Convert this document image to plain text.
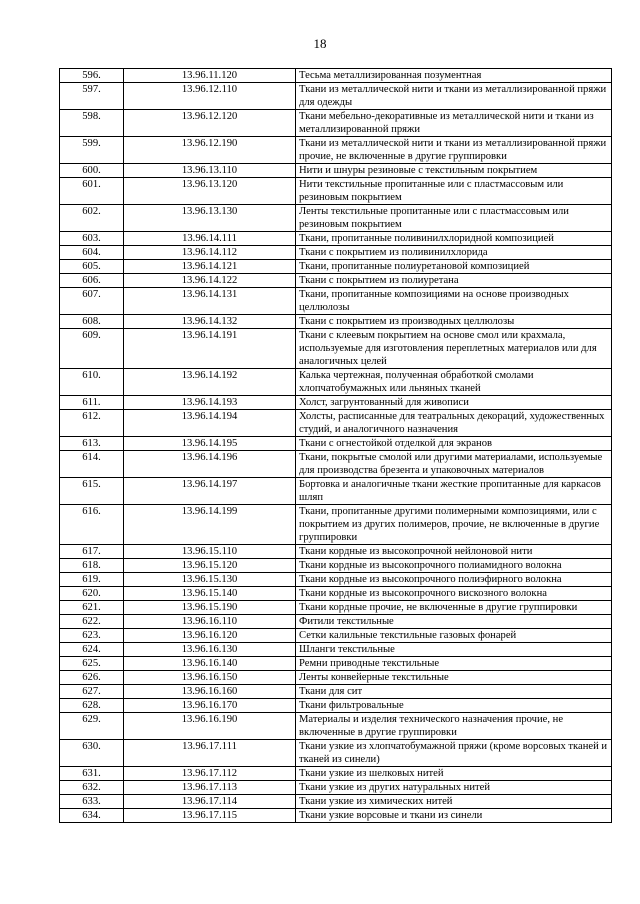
18
596.	13.96.11.120	Тесьма металлизированная позументная
597.	13.96.12.110	Ткани из металлической нити и ткани из металлизированной пряжи для одежды
598.	13.96.12.120	Ткани мебельно-декоративные из металлической нити и ткани из металлизированной пряжи
599.	13.96.12.190	Ткани из металлической нити и ткани из металлизированной пряжи прочие, не включенные в другие группировки
600.	13.96.13.110	Нити и шнуры резиновые с текстильным покрытием
601.	13.96.13.120	Нити текстильные пропитанные или с пластмассовым или резиновым покрытием
602.	13.96.13.130	Ленты текстильные пропитанные или с пластмассовым или резиновым покрытием
603.	13.96.14.111	Ткани, пропитанные поливинилхлоридной композицией
604.	13.96.14.112	Ткани с покрытием из поливинилхлорида
605.	13.96.14.121	Ткани, пропитанные полиуретановой композицией
606.	13.96.14.122	Ткани с покрытием из полиуретана
607.	13.96.14.131	Ткани, пропитанные композициями на основе производных целлюлозы
608.	13.96.14.132	Ткани с покрытием из производных целлюлозы
609.	13.96.14.191	Ткани с клеевым покрытием на основе смол или крахмала, используемые для изготовления переплетных материалов или для аналогичных целей
610.	13.96.14.192	Калька чертежная, полученная обработкой смолами хлопчатобумажных или льняных тканей
611.	13.96.14.193	Холст, загрунтованный для живописи
612.	13.96.14.194	Холсты, расписанные для театральных декораций, художественных студий, и аналогичного назначения
613.	13.96.14.195	Ткани с огнестойкой отделкой для экранов
614.	13.96.14.196	Ткани, покрытые смолой или другими материалами, используемые для производства брезента и упаковочных материалов
615.	13.96.14.197	Бортовка и аналогичные ткани жесткие пропитанные для каркасов шляп
616.	13.96.14.199	Ткани, пропитанные другими полимерными композициями, или с покрытием из других полимеров, прочие, не включенные в другие группировки
617.	13.96.15.110	Ткани кордные из высокопрочной нейлоновой нити
618.	13.96.15.120	Ткани кордные из высокопрочного полиамидного волокна
619.	13.96.15.130	Ткани кордные из высокопрочного полиэфирного волокна
620.	13.96.15.140	Ткани кордные из высокопрочного вискозного волокна
621.	13.96.15.190	Ткани кордные прочие, не включенные в другие группировки
622.	13.96.16.110	Фитили текстильные
623.	13.96.16.120	Сетки калильные текстильные газовых фонарей
624.	13.96.16.130	Шланги текстильные
625.	13.96.16.140	Ремни приводные текстильные
626.	13.96.16.150	Ленты конвейерные текстильные
627.	13.96.16.160	Ткани для сит
628.	13.96.16.170	Ткани фильтровальные
629.	13.96.16.190	Материалы и изделия технического назначения прочие, не включенные в другие группировки
630.	13.96.17.111	Ткани узкие из хлопчатобумажной пряжи (кроме ворсовых тканей и тканей из синели)
631.	13.96.17.112	Ткани узкие из шелковых нитей
632.	13.96.17.113	Ткани узкие из других натуральных нитей
633.	13.96.17.114	Ткани узкие из химических нитей
634.	13.96.17.115	Ткани узкие ворсовые и ткани из синели
